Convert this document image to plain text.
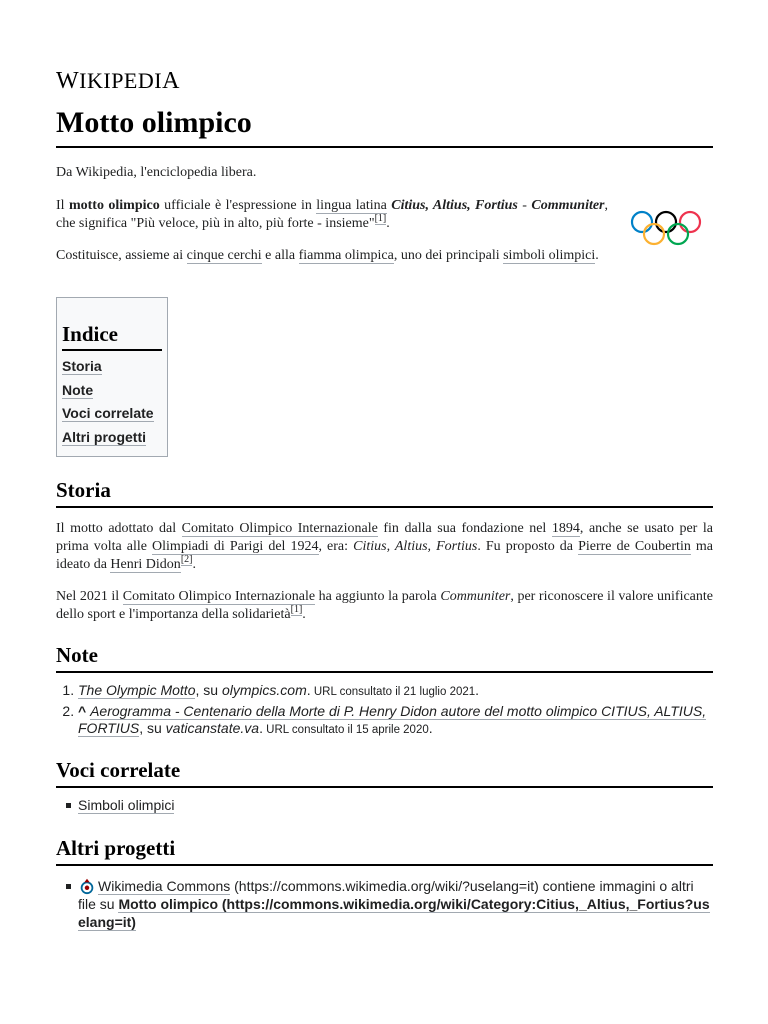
WIKIPEDIA
Motto olimpico
Da Wikipedia, l'enciclopedia libera.

Il motto olimpico ufficiale è l'espressione in lingua latina Citius, Altius, Fortius - Communiter, che significa "Più veloce, più in alto, più forte - insieme"[1].

Costituisce, assieme ai cinque cerchi e alla fiamma olimpica, uno dei principali simboli olimpici.

Indice
Storia
Note
Voci correlate
Altri progetti
Storia

Il motto adottato dal Comitato Olimpico Internazionale fin dalla sua fondazione nel 1894, anche se usato per la prima volta alle Olimpiadi di Parigi del 1924, era: Citius, Altius, Fortius. Fu proposto da Pierre de Coubertin ma ideato da Henri Didon[2].

Nel 2021 il Comitato Olimpico Internazionale ha aggiunto la parola Communiter, per riconoscere il valore unificante dello sport e l'importanza della solidarietà[1].

Note
1. The Olympic Motto, su olympics.com. URL consultato il 21 luglio 2021.
2. ^ Aerogramma - Centenario della Morte di P. Henry Didon autore del motto olimpico CITIUS, ALTIUS, FORTIUS, su vaticanstate.va. URL consultato il 15 aprile 2020.
Voci correlate
Simboli olimpici
Altri progetti
Wikimedia Commons (https://commons.wikimedia.org/wiki/?uselang=it) contiene immagini o altri file su Motto olimpico (https://commons.wikimedia.org/wiki/Category:Citius,_Altius,_Fortius?uselang=it)
